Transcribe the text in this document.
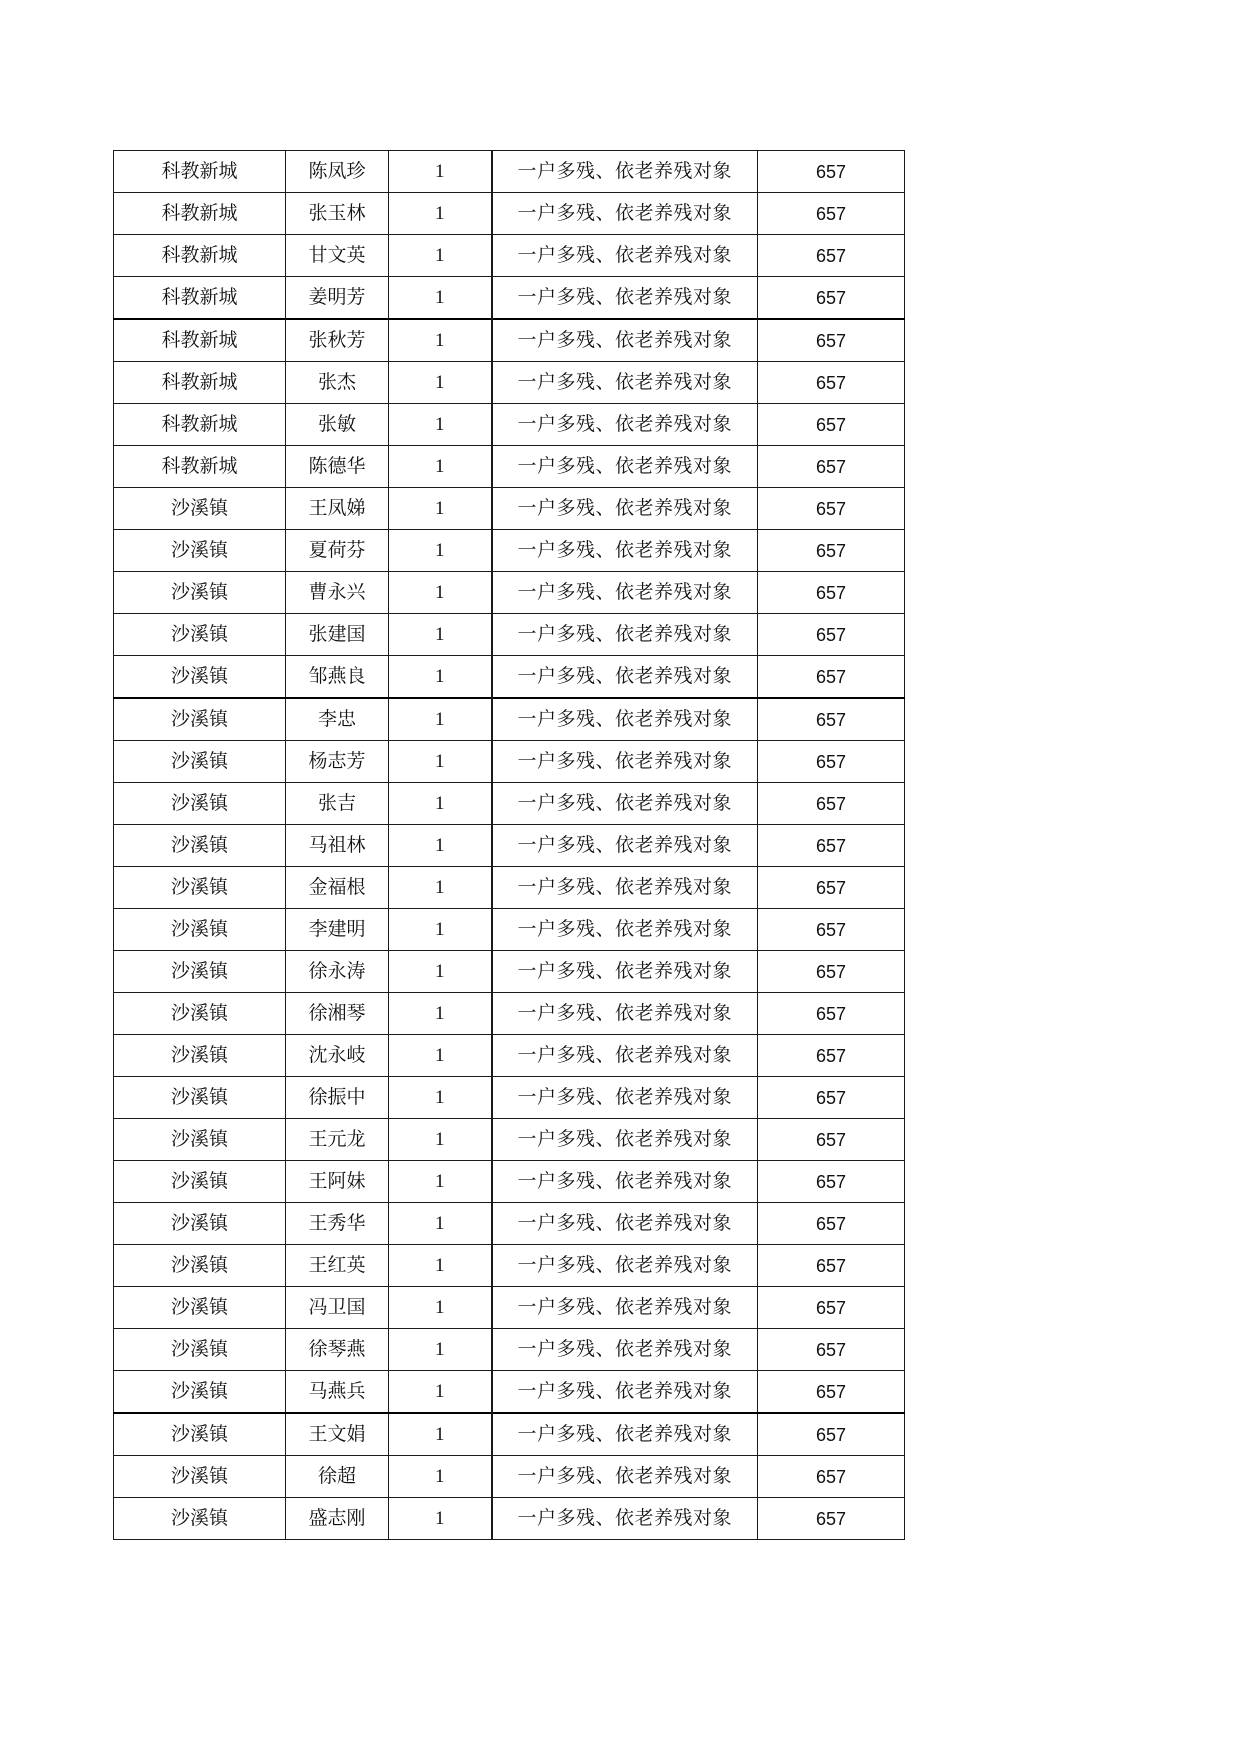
科教新城	陈凤珍	1	一户多残、依老养残对象	657
科教新城	张玉林	1	一户多残、依老养残对象	657
科教新城	甘文英	1	一户多残、依老养残对象	657
科教新城	姜明芳	1	一户多残、依老养残对象	657
科教新城	张秋芳	1	一户多残、依老养残对象	657
科教新城	张杰	1	一户多残、依老养残对象	657
科教新城	张敏	1	一户多残、依老养残对象	657
科教新城	陈德华	1	一户多残、依老养残对象	657
沙溪镇	王凤娣	1	一户多残、依老养残对象	657
沙溪镇	夏荷芬	1	一户多残、依老养残对象	657
沙溪镇	曹永兴	1	一户多残、依老养残对象	657
沙溪镇	张建国	1	一户多残、依老养残对象	657
沙溪镇	邹燕良	1	一户多残、依老养残对象	657
沙溪镇	李忠	1	一户多残、依老养残对象	657
沙溪镇	杨志芳	1	一户多残、依老养残对象	657
沙溪镇	张吉	1	一户多残、依老养残对象	657
沙溪镇	马祖林	1	一户多残、依老养残对象	657
沙溪镇	金福根	1	一户多残、依老养残对象	657
沙溪镇	李建明	1	一户多残、依老养残对象	657
沙溪镇	徐永涛	1	一户多残、依老养残对象	657
沙溪镇	徐湘琴	1	一户多残、依老养残对象	657
沙溪镇	沈永岐	1	一户多残、依老养残对象	657
沙溪镇	徐振中	1	一户多残、依老养残对象	657
沙溪镇	王元龙	1	一户多残、依老养残对象	657
沙溪镇	王阿妹	1	一户多残、依老养残对象	657
沙溪镇	王秀华	1	一户多残、依老养残对象	657
沙溪镇	王红英	1	一户多残、依老养残对象	657
沙溪镇	冯卫国	1	一户多残、依老养残对象	657
沙溪镇	徐琴燕	1	一户多残、依老养残对象	657
沙溪镇	马燕兵	1	一户多残、依老养残对象	657
沙溪镇	王文娟	1	一户多残、依老养残对象	657
沙溪镇	徐超	1	一户多残、依老养残对象	657
沙溪镇	盛志刚	1	一户多残、依老养残对象	657
